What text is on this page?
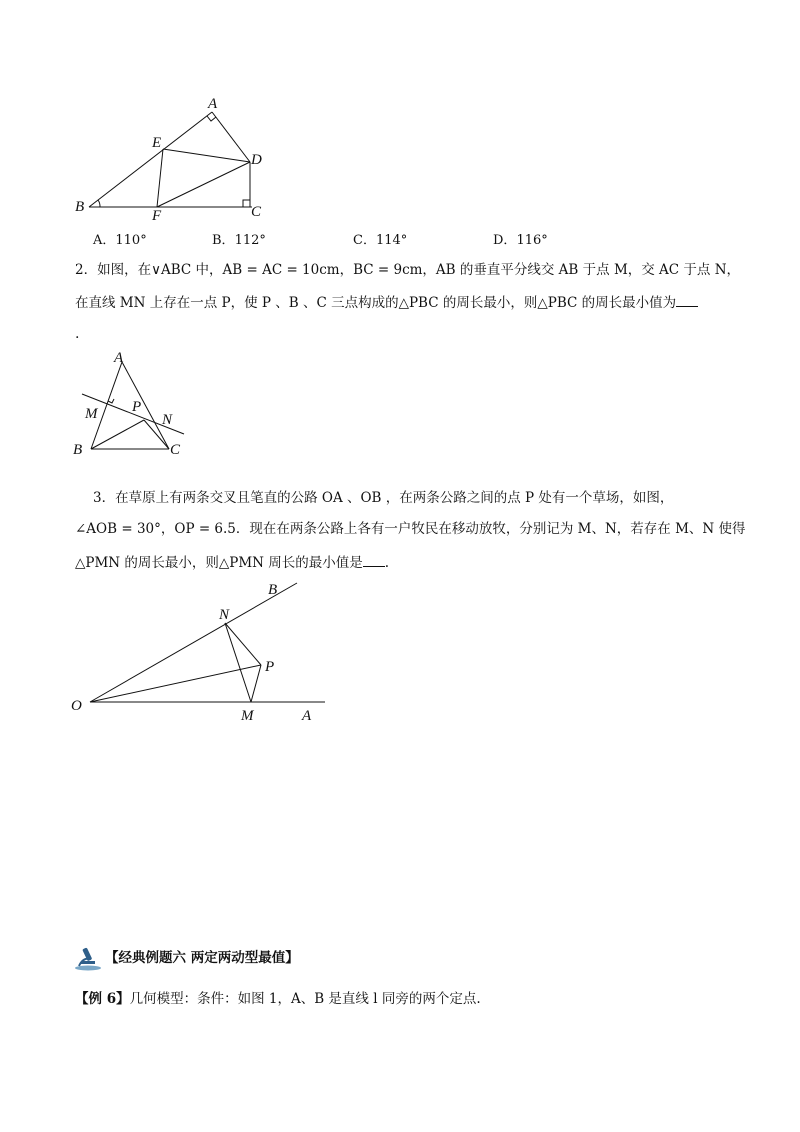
A
E
D
B
F	C
A．110°	B．112°	C．114°	D．116°
2．如图，在∨ABC 中，AB = AC = 10cm，BC = 9cm，AB 的垂直平分线交 AB 于点 M，交 AC 于点 N，
在直线 MN 上存在一点 P，使 P 、B 、C 三点构成的△PBC 的周长最小，则△PBC 的周长最小值为
.
A
M P
N
B	C
3．在草原上有两条交叉且笔直的公路 OA 、OB ，在两条公路之间的点 P 处有一个草场，如图，
∠AOB = 30°，OP = 6.5．现在在两条公路上各有一户牧民在移动放牧，分别记为 M、N，若存在 M、N 使得
△PMN 的周长最小，则△PMN 周长的最小值是 .
B
N
P
O
M	A
【经典例题六 两定两动型最值】
【例 6】几何模型：条件：如图 1，A、B 是直线 l 同旁的两个定点.
